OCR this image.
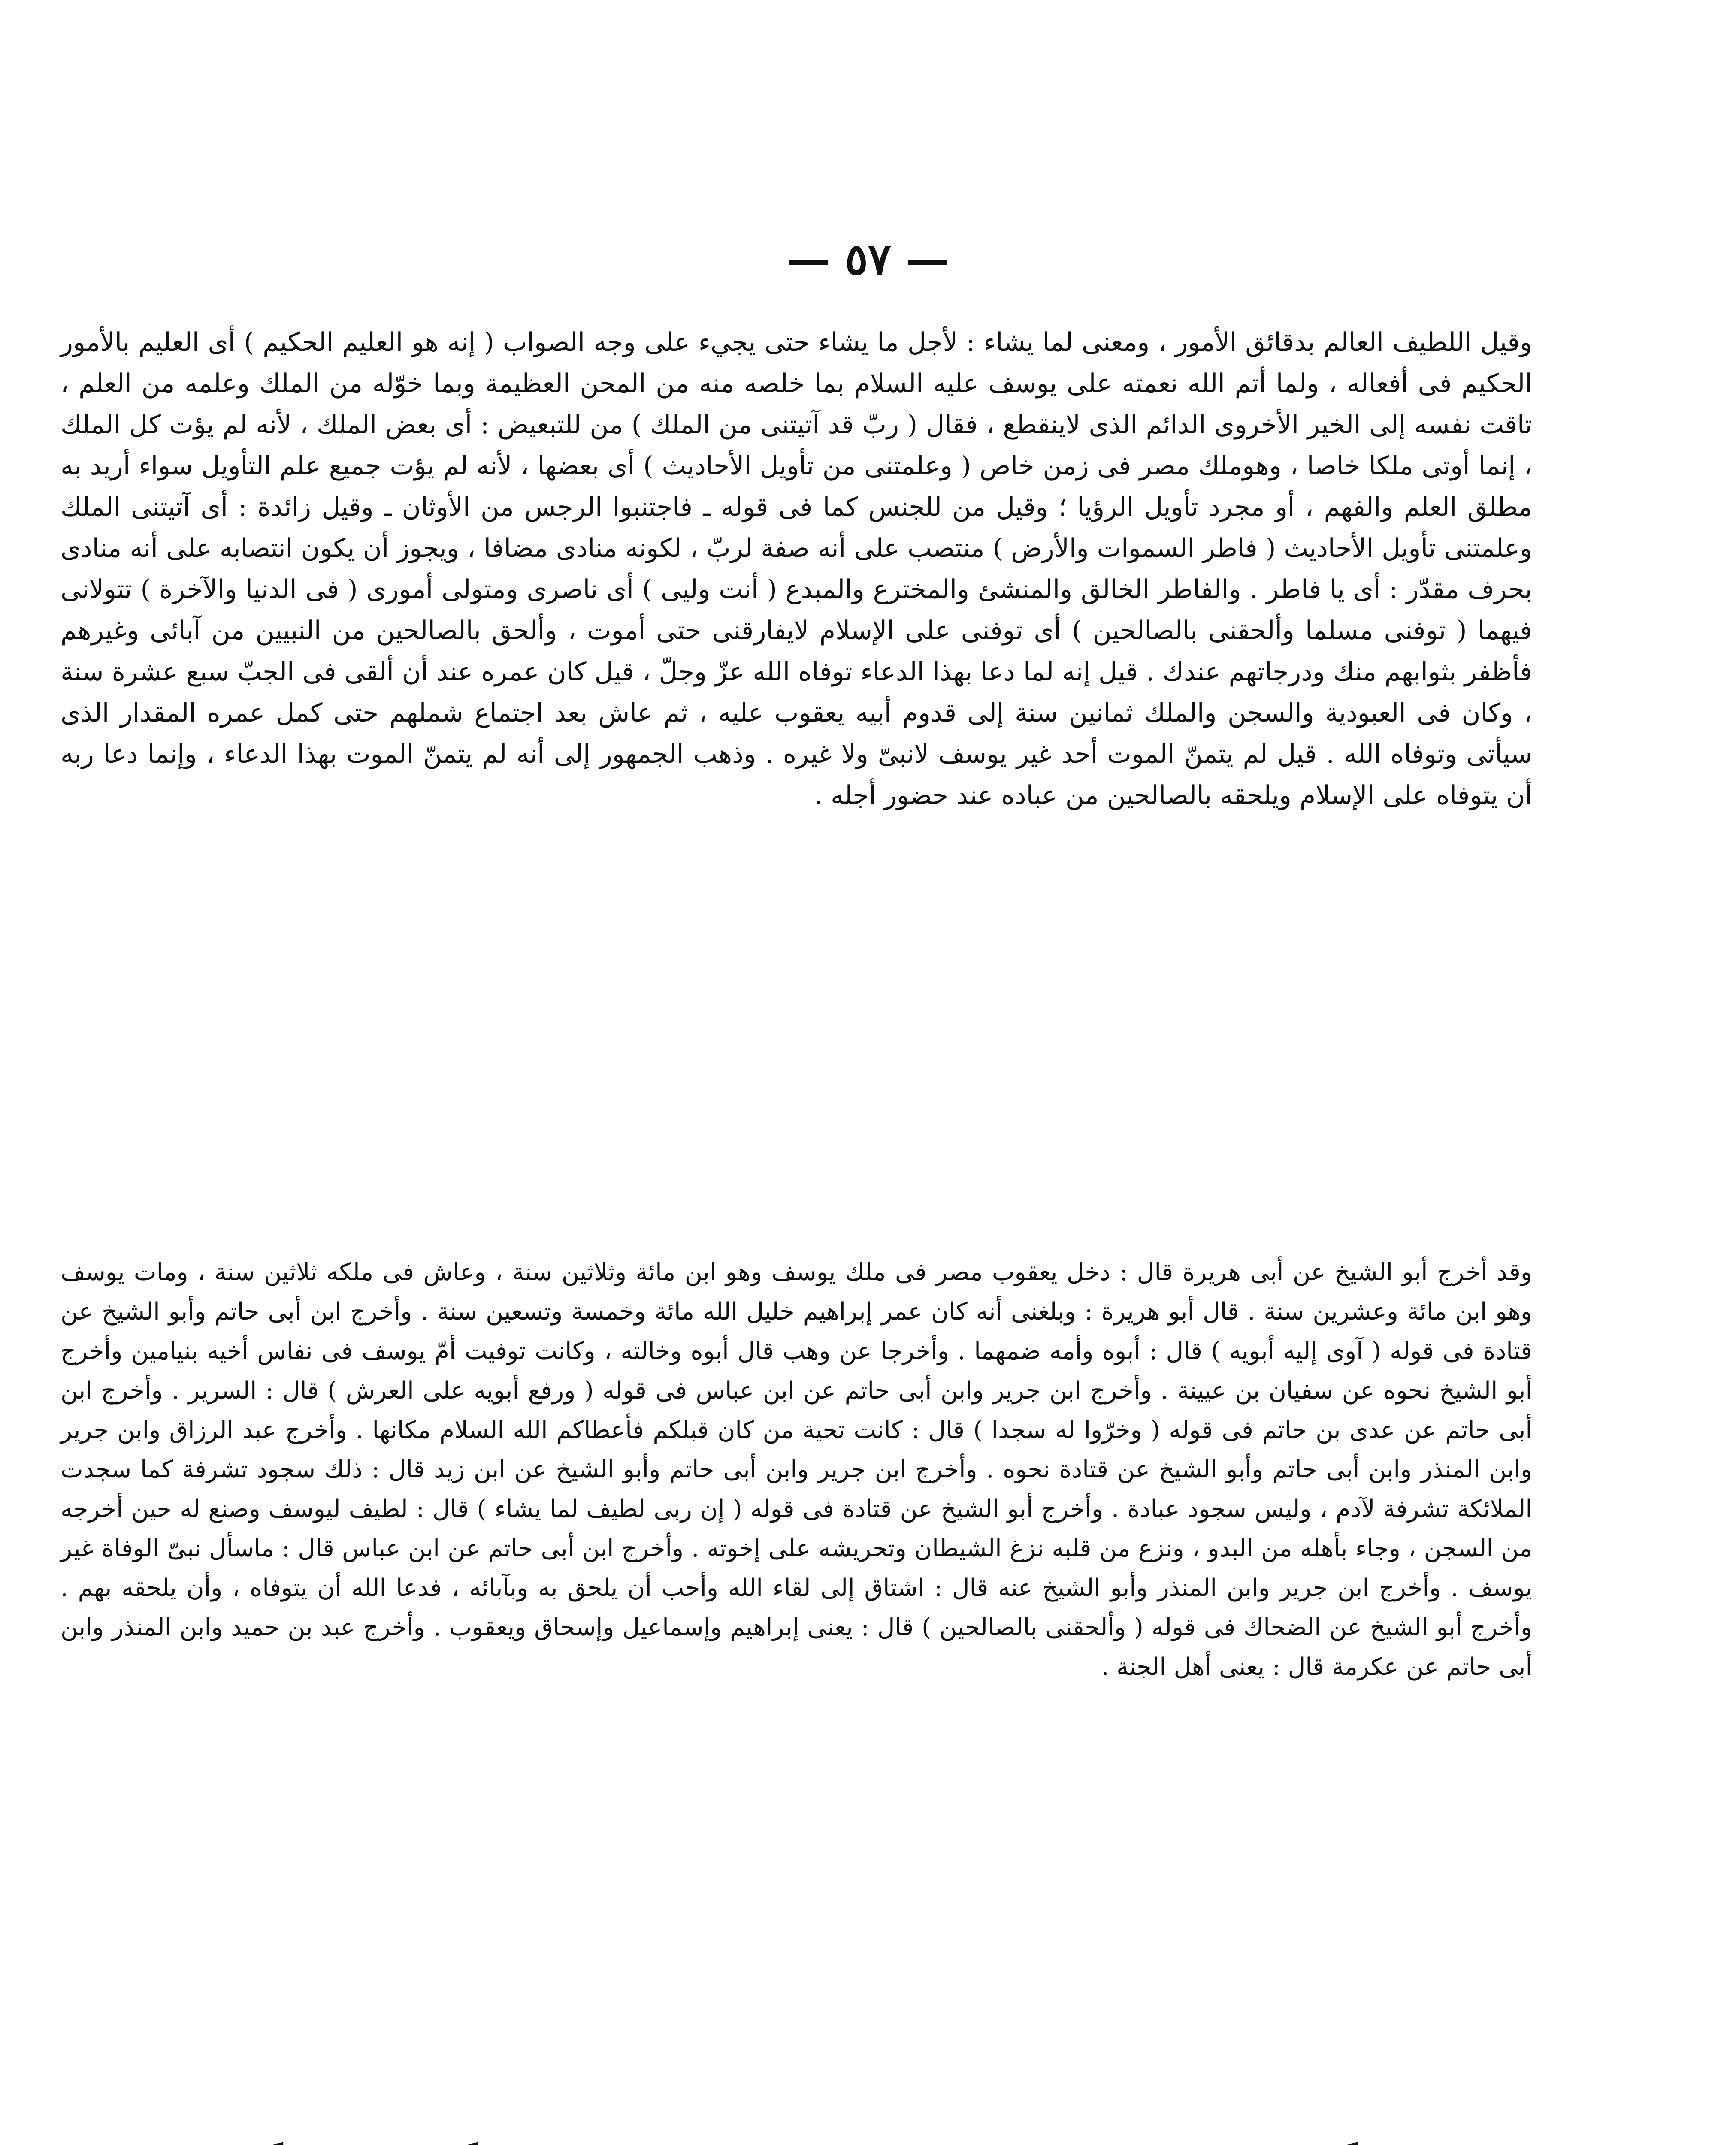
— ٥٧ —

وقيل اللطيف العالم بدقائق الأمور ، ومعنى لما يشاء : لأجل ما يشاء حتى يجيء على وجه الصواب ( إنه هو العليم الحكيم ) أى العليم بالأمور الحكيم فى أفعاله ، ولما أتم الله نعمته على يوسف عليه السلام بما خلصه منه من المحن العظيمة وبما خوّله من الملك وعلمه من العلم ، تاقت نفسه إلى الخير الأخروى الدائم الذى لاينقطع ، فقال ( ربّ قد آتيتنى من الملك ) من للتبعيض : أى بعض الملك ، لأنه لم يؤت كل الملك ، إنما أوتى ملكا خاصا ، وهوملك مصر فى زمن خاص ( وعلمتنى من تأويل الأحاديث ) أى بعضها ، لأنه لم يؤت جميع علم التأويل سواء أريد به مطلق العلم والفهم ، أو مجرد تأويل الرؤيا ؛ وقيل من للجنس كما فى قوله ـ فاجتنبوا الرجس من الأوثان ـ وقيل زائدة : أى آتيتنى الملك وعلمتنى تأويل الأحاديث ( فاطر السموات والأرض ) منتصب على أنه صفة لربّ ، لكونه منادى مضافا ، ويجوز أن يكون انتصابه على أنه منادى بحرف مقدّر : أى يا فاطر . والفاطر الخالق والمنشئ والمخترع والمبدع ( أنت وليى ) أى ناصرى ومتولى أمورى ( فى الدنيا والآخرة ) تتولانى فيهما ( توفنى مسلما وألحقنى بالصالحين ) أى توفنى على الإسلام لايفارقنى حتى أموت ، وألحق بالصالحين من النبيين من آبائى وغيرهم فأظفر بثوابهم منك ودرجاتهم عندك . قيل إنه لما دعا بهذا الدعاء توفاه الله عزّ وجلّ ، قيل كان عمره عند أن ألقى فى الجبّ سبع عشرة سنة ، وكان فى العبودية والسجن والملك ثمانين سنة إلى قدوم أبيه يعقوب عليه ، ثم عاش بعد اجتماع شملهم حتى كمل عمره المقدار الذى سيأتى وتوفاه الله . قيل لم يتمنّ الموت أحد غير يوسف لانبىّ ولا غيره . وذهب الجمهور إلى أنه لم يتمنّ الموت بهذا الدعاء ، وإنما دعا ربه أن يتوفاه على الإسلام ويلحقه بالصالحين من عباده عند حضور أجله .

وقد أخرج أبو الشيخ عن أبى هريرة قال : دخل يعقوب مصر فى ملك يوسف وهو ابن مائة وثلاثين سنة ، وعاش فى ملكه ثلاثين سنة ، ومات يوسف وهو ابن مائة وعشرين سنة . قال أبو هريرة : وبلغنى أنه كان عمر إبراهيم خليل الله مائة وخمسة وتسعين سنة . وأخرج ابن أبى حاتم وأبو الشيخ عن قتادة فى قوله ( آوى إليه أبويه ) قال : أبوه وأمه ضمهما . وأخرجا عن وهب قال أبوه وخالته ، وكانت توفيت أمّ يوسف فى نفاس أخيه بنيامين وأخرج أبو الشيخ نحوه عن سفيان بن عيينة . وأخرج ابن جرير وابن أبى حاتم عن ابن عباس فى قوله ( ورفع أبويه على العرش ) قال : السرير . وأخرج ابن أبى حاتم عن عدى بن حاتم فى قوله ( وخرّوا له سجدا ) قال : كانت تحية من كان قبلكم فأعطاكم الله السلام مكانها . وأخرج عبد الرزاق وابن جرير وابن المنذر وابن أبى حاتم وأبو الشيخ عن قتادة نحوه . وأخرج ابن جرير وابن أبى حاتم وأبو الشيخ عن ابن زيد قال : ذلك سجود تشرفة كما سجدت الملائكة تشرفة لآدم ، وليس سجود عبادة . وأخرج أبو الشيخ عن قتادة فى قوله ( إن ربى لطيف لما يشاء ) قال : لطيف ليوسف وصنع له حين أخرجه من السجن ، وجاء بأهله من البدو ، ونزع من قلبه نزغ الشيطان وتحريشه على إخوته . وأخرج ابن أبى حاتم عن ابن عباس قال : ماسأل نبىّ الوفاة غير يوسف . وأخرج ابن جرير وابن المنذر وأبو الشيخ عنه قال : اشتاق إلى لقاء الله وأحب أن يلحق به وبآبائه ، فدعا الله أن يتوفاه ، وأن يلحقه بهم . وأخرج أبو الشيخ عن الضحاك فى قوله ( وألحقنى بالصالحين ) قال : يعنى إبراهيم وإسماعيل وإسحاق ويعقوب . وأخرج عبد بن حميد وابن المنذر وابن أبى حاتم عن عكرمة قال : يعنى أهل الجنة .
